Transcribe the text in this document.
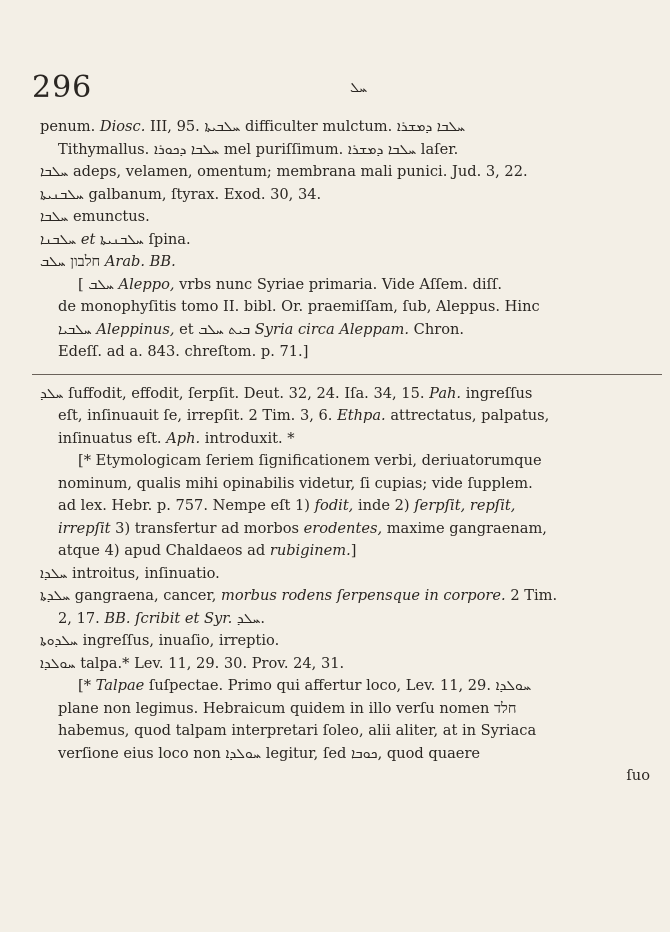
296	ܚܠ
penum. Diosc. III, 95. ܚܠܒܝܬܐ difficulter mulctum. ܚܠܒܐ ܕܡܫܪܐ
Tithymallus. ܚܠܒܐ ܕܟܘܪܐ mel puriſſimum. ܚܠܒܐ ܕܡܫܪܐ laſer.
ܚܠܒܐ adeps, velamen, omentum; membrana mali punici. Jud. 3, 22.
ܚܠܒܢܝܬܐ galbanum, ſtyrax. Exod. 30, 34.
ܚܠܒܐ emunctus.
ܚܠܒܢܐ et ܚܠܒܢܝܬܐ ſpina.
ܚܠܒ חלבון Arab. BB.
[ ܚܠܒ Aleppo, vrbs nunc Syriae primaria. Vide Aſſem. diſſ.
de monophyſitis tomo II. bibl. Or. praemiſſam, ſub, Aleppus. Hinc
ܚܠܒܝܐ Aleppinus, et ܒܝܬ ܚܠܒ Syria circa Aleppam. Chron.
Edeſſ. ad a. 843. chreſtom. p. 71.]
ܚܠܕ ſuffodit, effodit, ſerpſit. Deut. 32, 24. Iſa. 34, 15. Pah. ingreſſus
eſt, inſinuauit ſe, irrepſit. 2 Tim. 3, 6. Ethpa. attrectatus, palpatus,
inſinuatus eſt. Aph. introduxit. *
[* Etymologicam ſeriem ſignificationem verbi, deriuatorumque
nominum, qualis mihi opinabilis videtur, ſi cupias; vide ſupplem.
ad lex. Hebr. p. 757. Nempe eſt 1) fodit, inde 2) ſerpſit, repſit,
irrepſit 3) transfertur ad morbos erodentes, maxime gangraenam,
atque 4) apud Chaldaeos ad rubiginem.]
ܚܠܕܐ introitus, inſinuatio.
ܚܠܕܬܐ gangraena, cancer, morbus rodens ſerpensque in corpore. 2 Tim.
2, 17. BB. ſcribit et Syr. ܚܠܕ.
ܚܠܕܘܬܐ ingreſſus, inuaſio, irreptio.
ܚܘܠܕܐ talpa.* Lev. 11, 29. 30. Prov. 24, 31.
[* Talpae ſuſpectae. Primo qui affertur loco, Lev. 11, 29. ܚܘܠܕܐ
plane non legimus. Hebraicum quidem in illo verſu nomen חלד
habemus, quod talpam interpretari ſoleo, alii aliter, at in Syriaca
verſione eius loco non ܚܘܠܕܐ legitur, ſed ܟܘܒܐ, quod quaere
ſuo
